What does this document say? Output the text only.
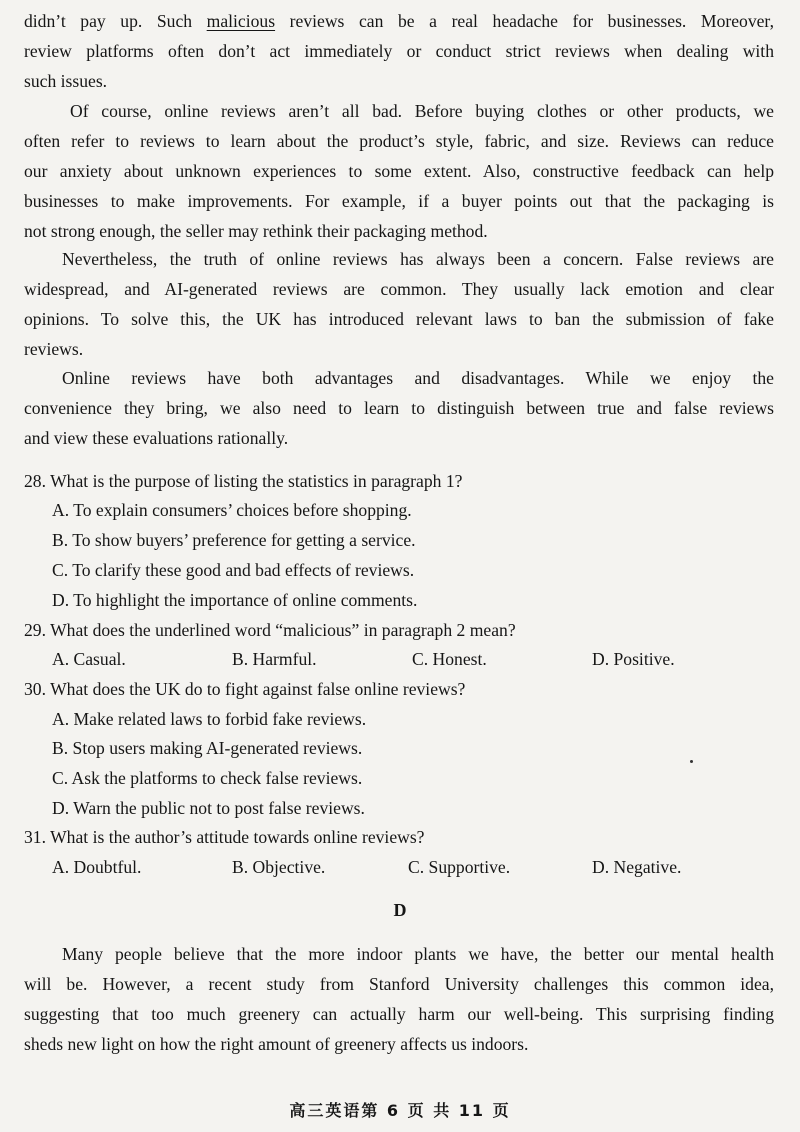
didn’t pay up. Such malicious reviews can be a real headache for businesses. Moreover,
review platforms often don’t act immediately or conduct strict reviews when dealing with
such issues.
Of course, online reviews aren’t all bad. Before buying clothes or other products, we
often refer to reviews to learn about the product’s style, fabric, and size. Reviews can reduce
our anxiety about unknown experiences to some extent. Also, constructive feedback can help
businesses to make improvements. For example, if a buyer points out that the packaging is
not strong enough, the seller may rethink their packaging method.
Nevertheless, the truth of online reviews has always been a concern. False reviews are
widespread, and AI-generated reviews are common. They usually lack emotion and clear
opinions. To solve this, the UK has introduced relevant laws to ban the submission of fake
reviews.
Online reviews have both advantages and disadvantages. While we enjoy the
convenience they bring, we also need to learn to distinguish between true and false reviews
and view these evaluations rationally.
28. What is the purpose of listing the statistics in paragraph 1?
A. To explain consumers’ choices before shopping.
B. To show buyers’ preference for getting a service.
C. To clarify these good and bad effects of reviews.
D. To highlight the importance of online comments.
29. What does the underlined word “malicious” in paragraph 2 mean?
A. Casual.	B. Harmful.	C. Honest.	D. Positive.
30. What does the UK do to fight against false online reviews?
A. Make related laws to forbid fake reviews.
B. Stop users making AI-generated reviews.
C. Ask the platforms to check false reviews.
D. Warn the public not to post false reviews.
31. What is the author’s attitude towards online reviews?
A. Doubtful.	B. Objective.	C. Supportive.	D. Negative.
D
Many people believe that the more indoor plants we have, the better our mental health
will be. However, a recent study from Stanford University challenges this common idea,
suggesting that too much greenery can actually harm our well-being. This surprising finding
sheds new light on how the right amount of greenery affects us indoors.
高三英语第 6 页 共 11 页
